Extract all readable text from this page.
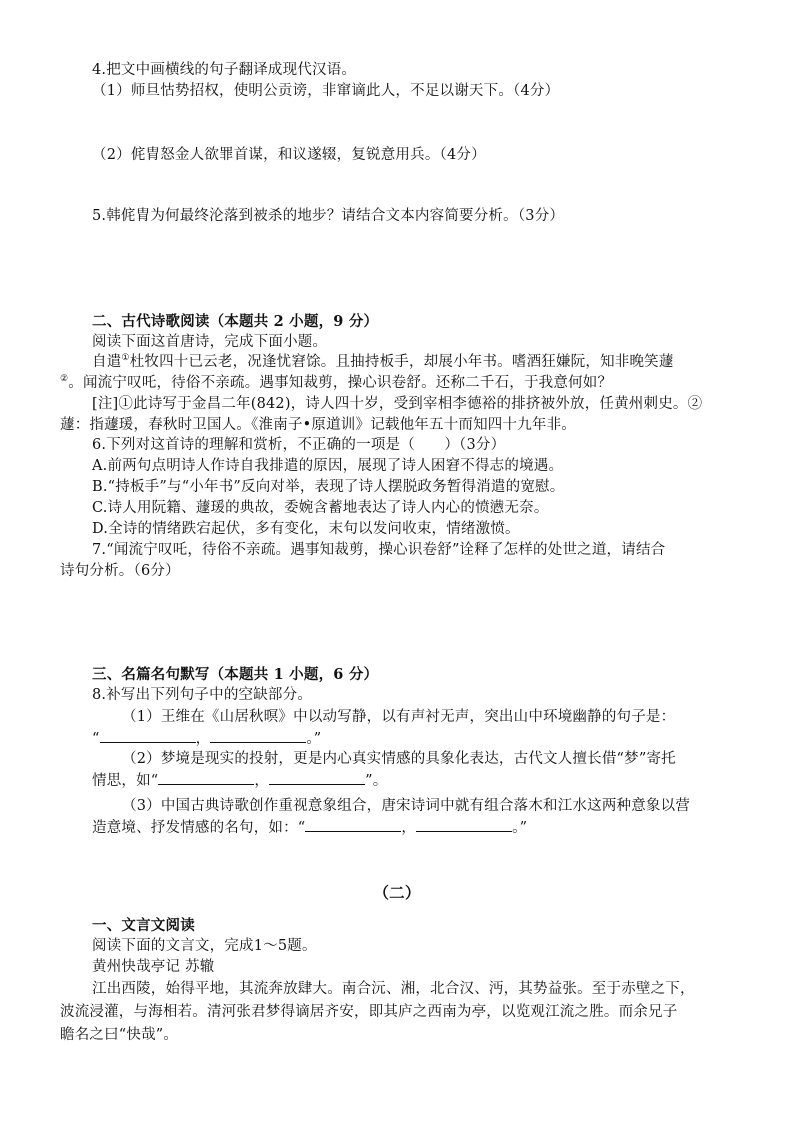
4.把文中画横线的句子翻译成现代汉语。
（1）师旦怙势招权，使明公贡谤，非窜谪此人，不足以谢天下。（4分）
（2）侂胄怒金人欲罪首谋，和议遂辍，复锐意用兵。（4分）
5.韩侂胄为何最终沦落到被杀的地步？请结合文本内容简要分析。（3分）
二、古代诗歌阅读（本题共 2 小题，9 分）
阅读下面这首唐诗，完成下面小题。
自遣①杜牧四十已云老，况逢忧窘馀。且抽持板手，却展小年书。嗜酒狂嫌阮，知非晚笑蘧
②。闻流宁叹吒，待俗不亲疏。遇事知裁剪，操心识卷舒。还称二千石，于我意何如？
[注]①此诗写于金昌二年(842)，诗人四十岁，受到宰相李德裕的排挤被外放，任黄州刺史。②
蘧：指蘧瑗，春秋时卫国人。《淮南子•原道训》记载他年五十而知四十九年非。
6.下列对这首诗的理解和赏析，不正确的一项是（　　）（3分）
A.前两句点明诗人作诗自我排遣的原因，展现了诗人困窘不得志的境遇。
B.“持板手”与“小年书”反向对举，表现了诗人摆脱政务暂得消遣的宽慰。
C.诗人用阮籍、蘧瑗的典故，委婉含蓄地表达了诗人内心的愤懑无奈。
D.全诗的情绪跌宕起伏，多有变化，末句以发问收束，情绪激愤。
7.“闻流宁叹吒，待俗不亲疏。遇事知裁剪，操心识卷舒”诠释了怎样的处世之道，请结合
诗句分析。（6分）
三、名篇名句默写（本题共 1 小题，6 分）
8.补写出下列句子中的空缺部分。
（1）王维在《山居秋暝》中以动写静，以有声衬无声，突出山中环境幽静的句子是：
“	，	。”
（2）梦境是现实的投射，更是内心真实情感的具象化表达，古代文人擅长借“梦”寄托
情思，如“	，	”。
（3）中国古典诗歌创作重视意象组合，唐宋诗词中就有组合落木和江水这两种意象以营
造意境、抒发情感的名句，如：“	，	。”
（二）
一、文言文阅读
阅读下面的文言文，完成1～5题。
黄州快哉亭记 苏辙
江出西陵，始得平地，其流奔放肆大。南合沅、湘，北合汉、沔，其势益张。至于赤壁之下，
波流浸灌，与海相若。清河张君梦得谪居齐安，即其庐之西南为亭，以览观江流之胜。而余兄子
瞻名之曰“快哉”。
